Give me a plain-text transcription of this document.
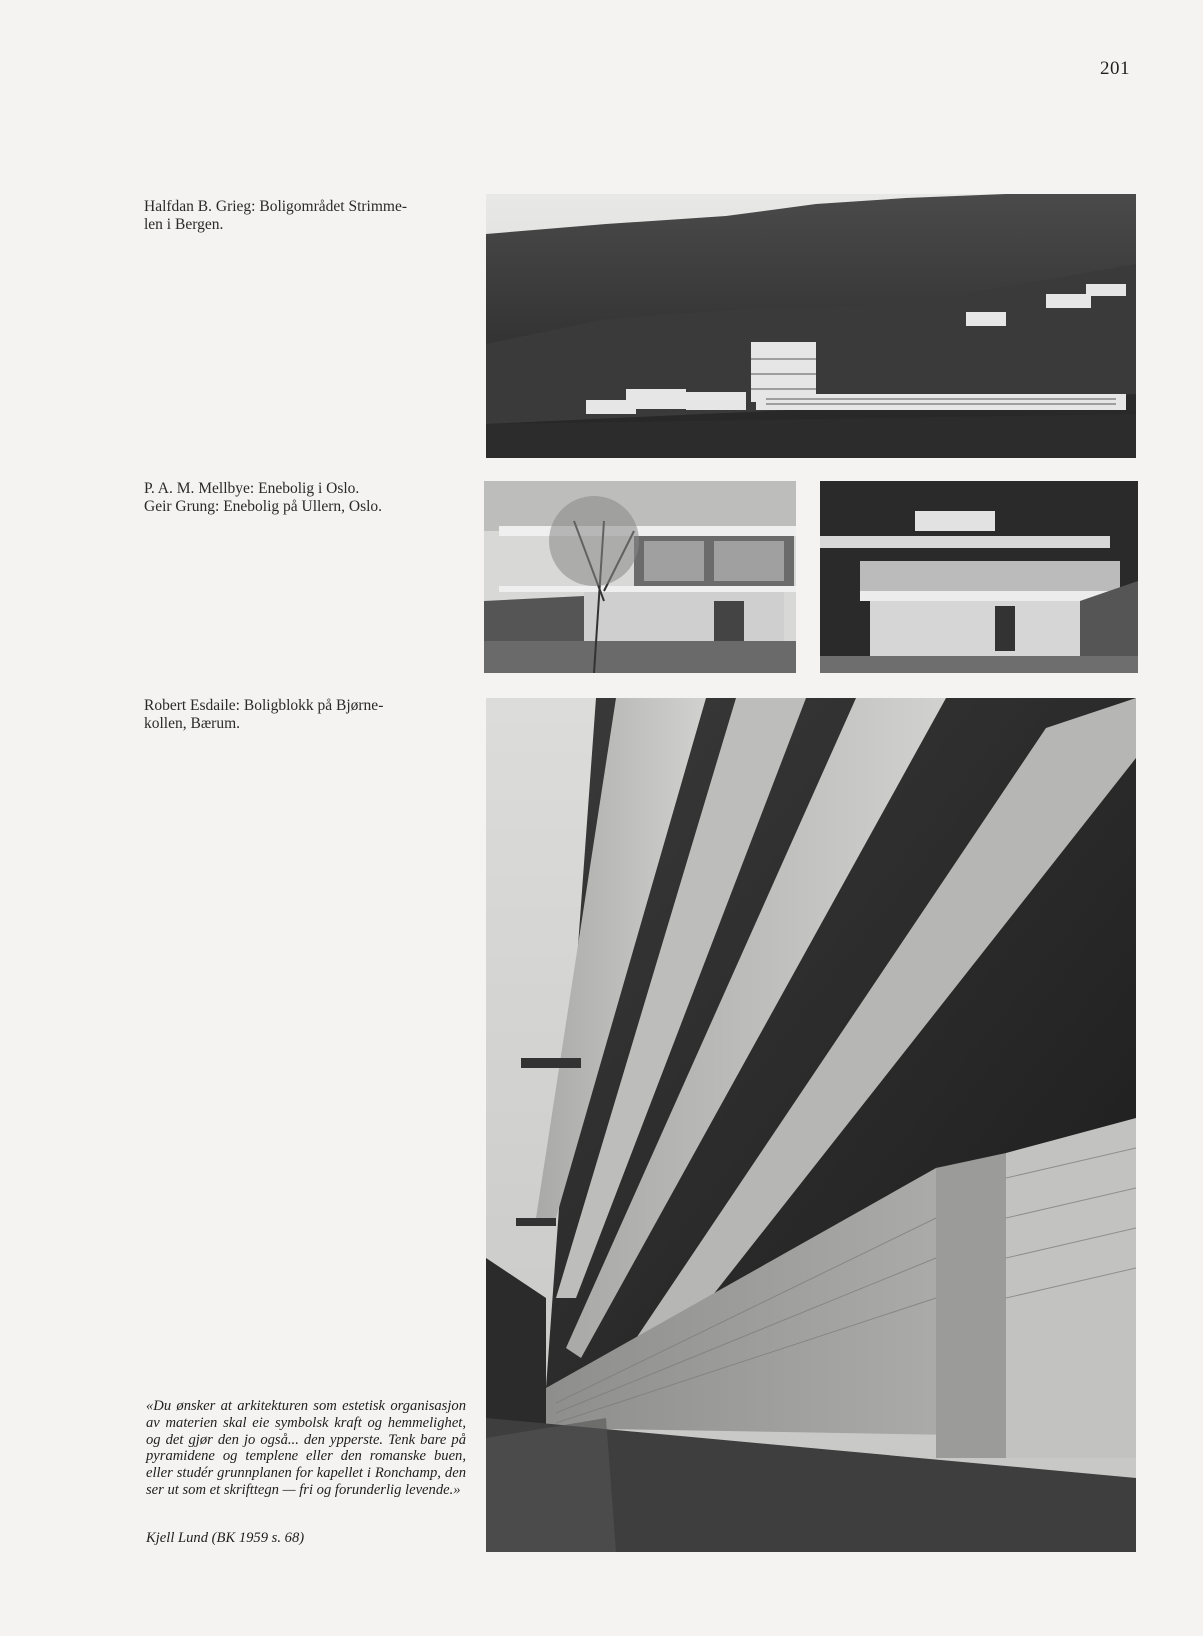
201
Halfdan B. Grieg: Boligområdet Strimme-
len i Bergen.
P. A. M. Mellbye: Enebolig i Oslo.
Geir Grung: Enebolig på Ullern, Oslo.
Robert Esdaile: Boligblokk på Bjørne-
kollen, Bærum.
«Du ønsker at arkitekturen som estetisk organisasjon av materien skal eie symbolsk kraft og hemmelighet, og det gjør den jo også... den ypperste. Tenk bare på pyramidene og templene eller den romanske buen, eller studér grunnplanen for kapellet i Ronchamp, den ser ut som et skrifttegn — fri og forunderlig levende.»
Kjell Lund (BK 1959 s. 68)
